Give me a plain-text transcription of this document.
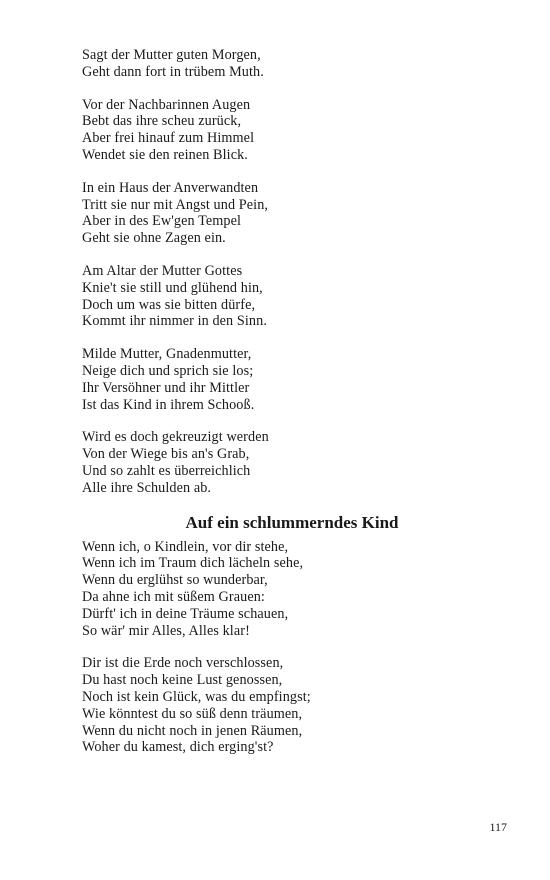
Sagt der Mutter guten Morgen,
Geht dann fort in trübem Muth.
Vor der Nachbarinnen Augen
Bebt das ihre scheu zurück,
Aber frei hinauf zum Himmel
Wendet sie den reinen Blick.
In ein Haus der Anverwandten
Tritt sie nur mit Angst und Pein,
Aber in des Ew'gen Tempel
Geht sie ohne Zagen ein.
Am Altar der Mutter Gottes
Knie't sie still und glühend hin,
Doch um was sie bitten dürfe,
Kommt ihr nimmer in den Sinn.
Milde Mutter, Gnadenmutter,
Neige dich und sprich sie los;
Ihr Versöhner und ihr Mittler
Ist das Kind in ihrem Schooß.
Wird es doch gekreuzigt werden
Von der Wiege bis an's Grab,
Und so zahlt es überreichlich
Alle ihre Schulden ab.
Auf ein schlummerndes Kind
Wenn ich, o Kindlein, vor dir stehe,
Wenn ich im Traum dich lächeln sehe,
Wenn du erglühst so wunderbar,
Da ahne ich mit süßem Grauen:
Dürft' ich in deine Träume schauen,
So wär' mir Alles, Alles klar!
Dir ist die Erde noch verschlossen,
Du hast noch keine Lust genossen,
Noch ist kein Glück, was du empfingst;
Wie könntest du so süß denn träumen,
Wenn du nicht noch in jenen Räumen,
Woher du kamest, dich erging'st?
117
